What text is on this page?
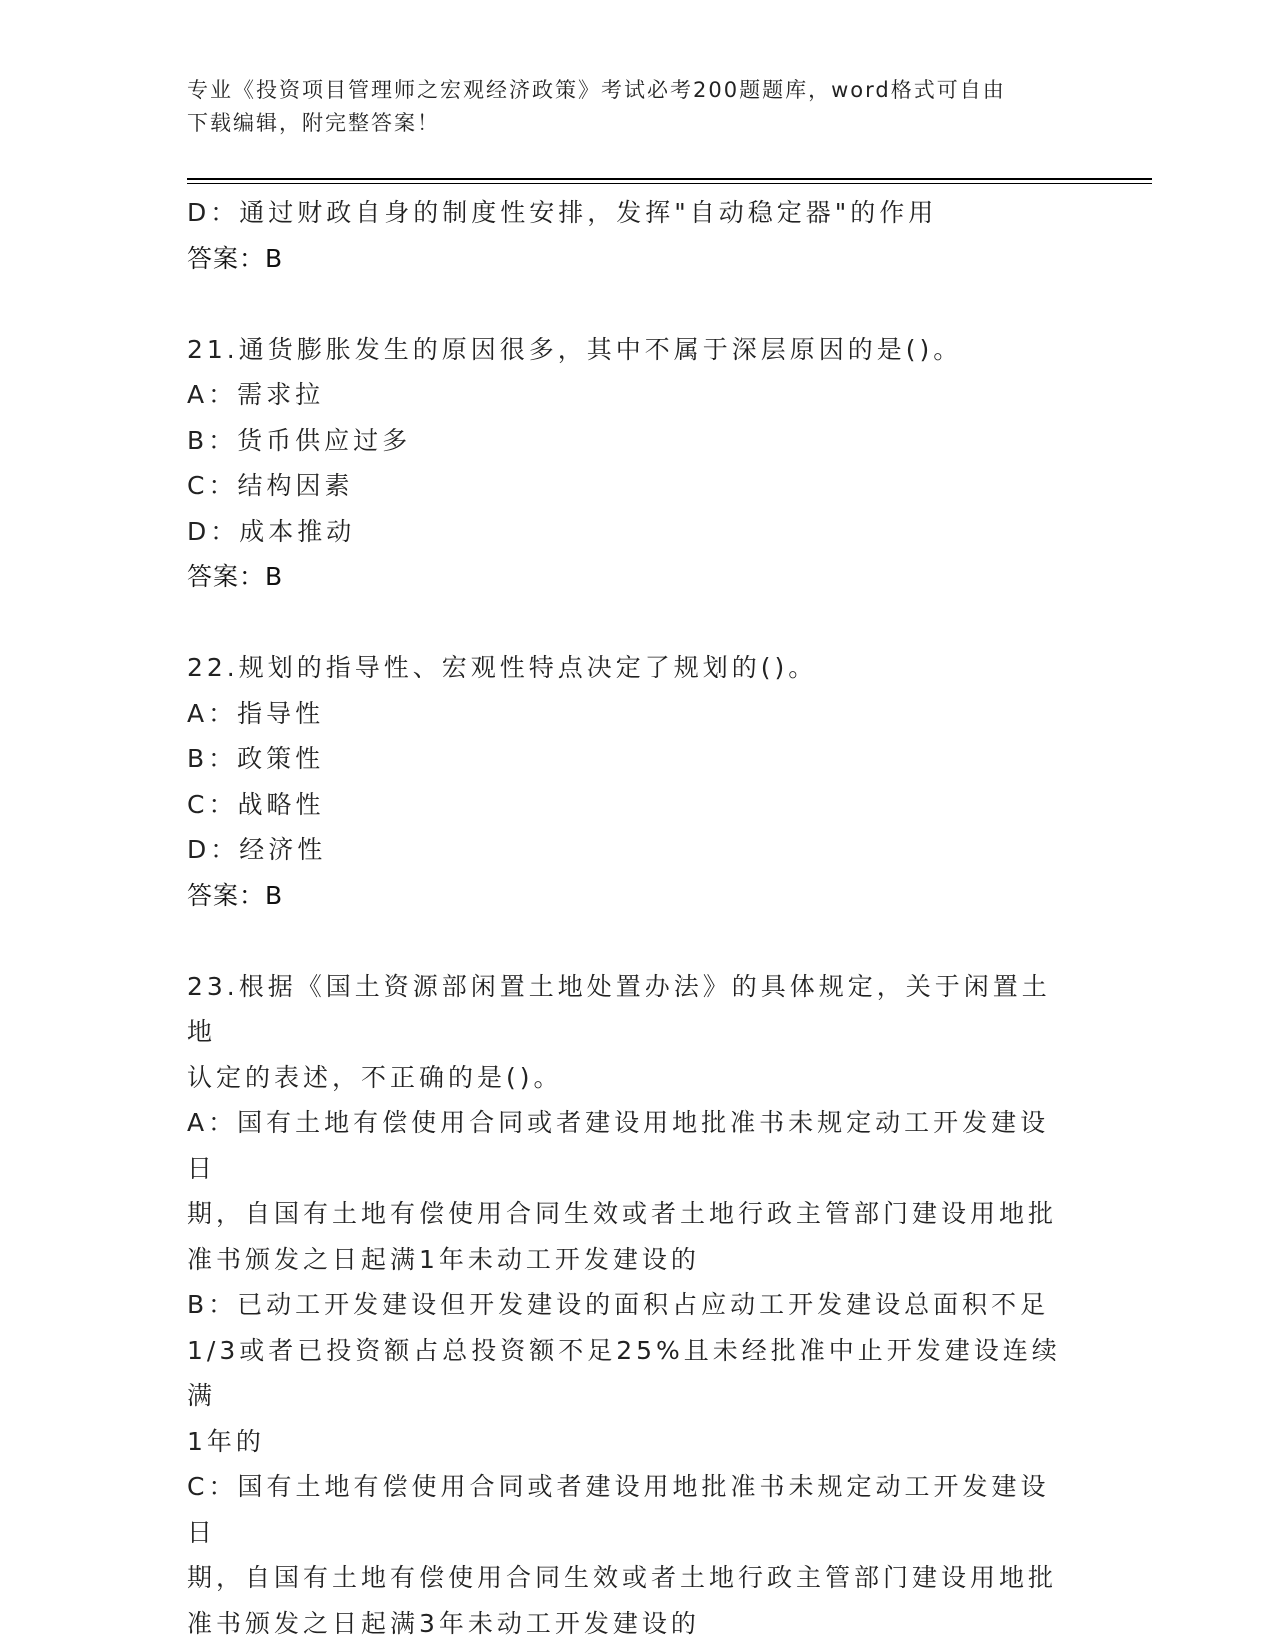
专业《投资项目管理师之宏观经济政策》考试必考200题题库，word格式可自由
下载编辑，附完整答案！
D：通过财政自身的制度性安排，发挥"自动稳定器"的作用
答案：B
21.通货膨胀发生的原因很多，其中不属于深层原因的是()。
A：需求拉
B：货币供应过多
C：结构因素
D：成本推动
答案：B
22.规划的指导性、宏观性特点决定了规划的()。
A：指导性
B：政策性
C：战略性
D：经济性
答案：B
23.根据《国土资源部闲置土地处置办法》的具体规定，关于闲置土地
认定的表述，不正确的是()。
A：国有土地有偿使用合同或者建设用地批准书未规定动工开发建设日
期，自国有土地有偿使用合同生效或者土地行政主管部门建设用地批
准书颁发之日起满1年未动工开发建设的
B：已动工开发建设但开发建设的面积占应动工开发建设总面积不足
1/3或者已投资额占总投资额不足25%且未经批准中止开发建设连续满
1年的
C：国有土地有偿使用合同或者建设用地批准书未规定动工开发建设日
期，自国有土地有偿使用合同生效或者土地行政主管部门建设用地批
准书颁发之日起满3年未动工开发建设的
